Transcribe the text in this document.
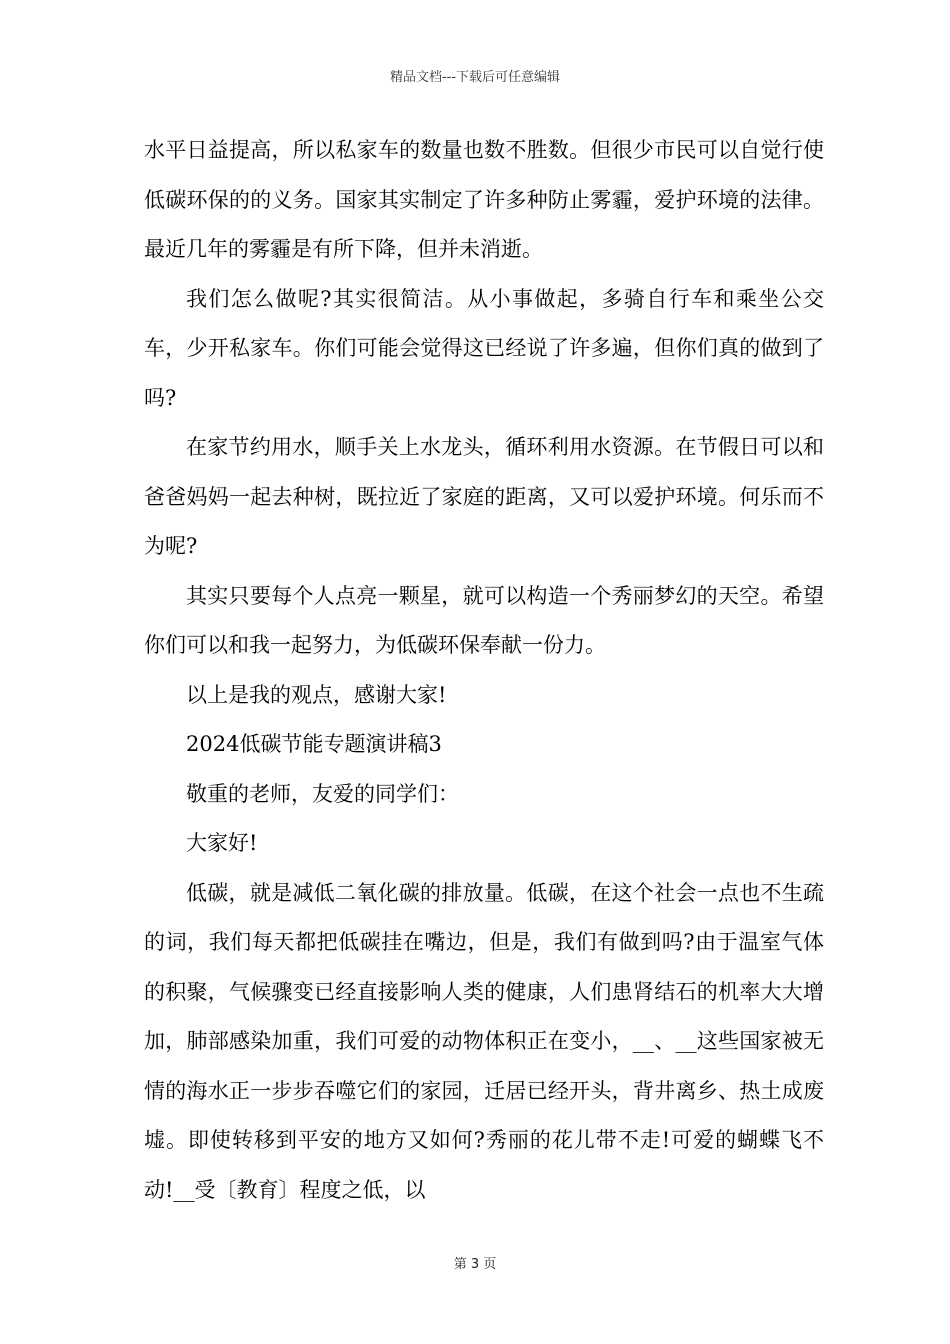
精品文档---下载后可任意编辑

水平日益提高，所以私家车的数量也数不胜数。但很少市民可以自觉行使低碳环保的的义务。国家其实制定了许多种防止雾霾，爱护环境的法律。最近几年的雾霾是有所下降，但并未消逝。

我们怎么做呢?其实很简洁。从小事做起，多骑自行车和乘坐公交车，少开私家车。你们可能会觉得这已经说了许多遍，但你们真的做到了吗?

在家节约用水，顺手关上水龙头，循环利用水资源。在节假日可以和爸爸妈妈一起去种树，既拉近了家庭的距离，又可以爱护环境。何乐而不为呢?

其实只要每个人点亮一颗星，就可以构造一个秀丽梦幻的天空。希望你们可以和我一起努力，为低碳环保奉献一份力。

以上是我的观点，感谢大家!

2024低碳节能专题演讲稿3

敬重的老师，友爱的同学们：

大家好!

低碳，就是减低二氧化碳的排放量。低碳，在这个社会一点也不生疏的词，我们每天都把低碳挂在嘴边，但是，我们有做到吗?由于温室气体的积聚，气候骤变已经直接影响人类的健康，人们患肾结石的机率大大增加，肺部感染加重，我们可爱的动物体积正在变小，__、__这些国家被无情的海水正一步步吞噬它们的家园，迁居已经开头，背井离乡、热土成废墟。即使转移到平安的地方又如何?秀丽的花儿带不走!可爱的蝴蝶飞不动!__受〔教育〕程度之低，以

第 3 页
